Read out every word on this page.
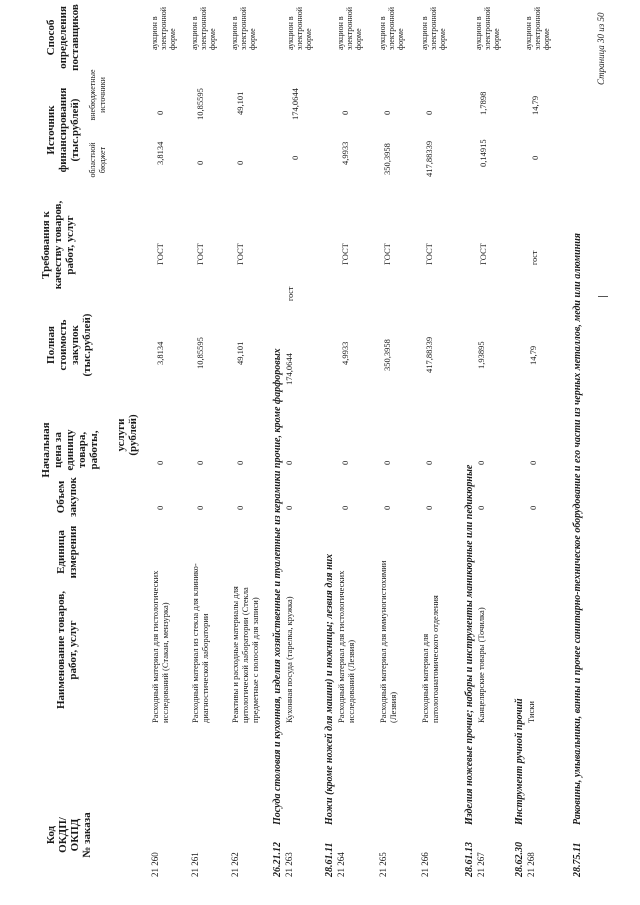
Код ОКДП/ ОКПД № заказа
Наименование товаров, работ, услуг
Единица измерения
Объем закупок
Начальная цена за единицу товара, работы, услуги (рублей)
Полная стоимость закупок (тыс.рублей)
Требования к качеству товаров, работ, услуг
Источник финансирования (тыс.рублей) областной бюджет
внебюджетные источники
Способ определения поставщиков
21 260
Расходный материал для гистологических исследований (Стакан, мензурка)
0
0
3,8134
ГОСТ
3,8134
0
аукцион в электронной форме
21 261
Расходный материал из стекла для клинико-диагностической лаборатории
0
0
10,85595
ГОСТ
0
10,85595
аукцион в электронной форме
21 262
Реактивы и расходные материалы для цитологической лаборатории (Стекла предметные с полосой для записи)
0
0
49,101
ГОСТ
0
49,101
аукцион в электронной форме
26.21.12
Посуда столовая и кухонная, изделия хозяйственные и туалетные из керамики прочие, кроме фарфоровых
21 263
Кухонная посуда (тарелка, кружка)
0
0
174,0644
гост
0
174,0644
аукцион в электронной форме
28.61.11
Ножи (кроме ножей для машин) и ножницы; лезвия для них
21 264
Расходный материал для гистологических исследований (Лезвия)
0
0
4,9933
ГОСТ
4,9933
0
аукцион в электронной форме
21 265
Расходный материал для иммуногистохимии (Лезвия)
0
0
350,3958
ГОСТ
350,3958
0
аукцион в электронной форме
21 266
Расходный материал для патологоанатомического отделения
0
0
417,88339
ГОСТ
417,88339
0
аукцион в электронной форме
28.61.13
Изделия ножевые прочие; наборы и инструменты маникюрные или педикюрные
21 267
Канцелярские товары (Точилка)
0
0
1,93895
ГОСТ
0,14915
1,7898
аукцион в электронной форме
28.62.30
Инструмент ручной прочий
21 268
Тиски
0
0
14,79
гост
0
14,79
аукцион в электронной форме
28.75.11
Раковины, умывальники, ванны и прочее санитарно-техническое оборудование и его части из черных металлов, меди или алюминия
Страница 30 из 50
